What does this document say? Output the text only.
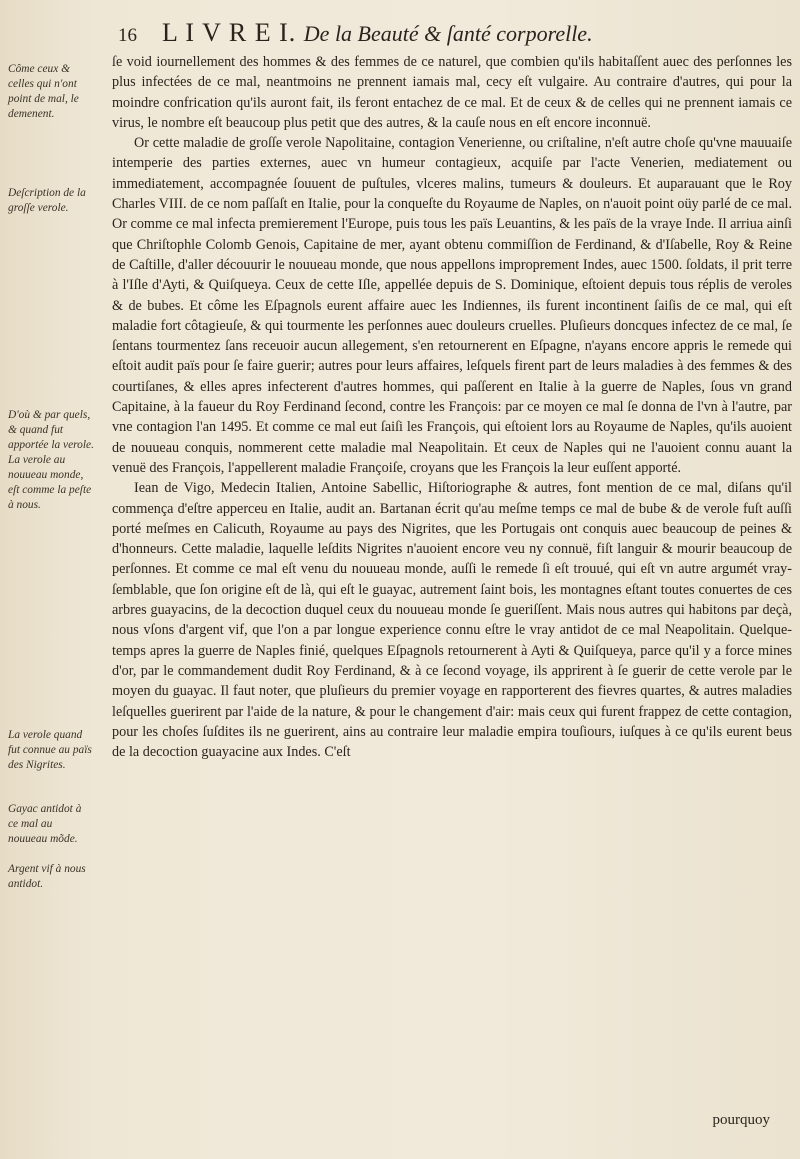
16 L I V R E I. De la Beauté & ſanté corporelle.
Côme ceux & celles qui n'ont point de mal, le demenent.
Deſcription de la groſſe verole.
D'où & par quels, & quand fut apportée la verole. La verole au nouueau monde, eſt comme la peſte à nous.
La verole quand fut connue au païs des Nigrites.
Gayac antidot à ce mal au nouueau mõde.
Argent vif à nous antidot.

ſe void iournellement des hommes & des femmes de ce naturel, que combien qu'ils habitaſſent auec des perſonnes les plus infectées de ce mal, neantmoins ne prennent iamais mal, cecy eſt vulgaire. Au contraire d'autres, qui pour la moindre confrication qu'ils auront fait, ils feront entachez de ce mal. Et de ceux & de celles qui ne prennent iamais ce virus, le nombre eſt beaucoup plus petit que des autres, & la cauſe nous en eſt encore inconnuë.

Or cette maladie de groſſe verole Napolitaine, contagion Venerienne, ou criſtaline, n'eſt autre choſe qu'vne mauuaiſe intemperie des parties externes, auec vn humeur contagieux, acquiſe par l'acte Venerien, mediatement ou immediatement, accompagnée ſouuent de puſtules, vlceres malins, tumeurs & douleurs. Et auparauant que le Roy Charles VIII. de ce nom paſſaſt en Italie, pour la conqueſte du Royaume de Naples, on n'auoit point oüy parlé de ce mal. Or comme ce mal infecta premierement l'Europe, puis tous les païs Leuantins, & les païs de la vraye Inde. Il arriua ainſi que Chriſtophle Colomb Genois, Capitaine de mer, ayant obtenu commiſſion de Ferdinand, & d'Iſabelle, Roy & Reine de Caſtille, d'aller découurir le nouueau monde, que nous appellons improprement Indes, auec 1500. ſoldats, il prit terre à l'Iſle d'Ayti, & Quiſqueya. Ceux de cette Iſle, appellée depuis de S. Dominique, eſtoient depuis tous réplis de veroles & de bubes. Et côme les Eſpagnols eurent affaire auec les Indiennes, ils furent incontinent ſaiſis de ce mal, qui eſt maladie fort côtagieuſe, & qui tourmente les perſonnes auec douleurs cruelles. Pluſieurs doncques infectez de ce mal, ſe ſentans tourmentez ſans receuoir aucun allegement, s'en retournerent en Eſpagne, n'ayans encore appris le remede qui eſtoit audit païs pour ſe faire guerir; autres pour leurs affaires, leſquels firent part de leurs maladies à des femmes & des courtiſanes, & elles apres infecterent d'autres hommes, qui paſſerent en Italie à la guerre de Naples, ſous vn grand Capitaine, à la faueur du Roy Ferdinand ſecond, contre les François: par ce moyen ce mal ſe donna de l'vn à l'autre, par vne contagion l'an 1495. Et comme ce mal eut ſaiſi les François, qui eſtoient lors au Royaume de Naples, qu'ils auoient de nouueau conquis, nommerent cette maladie mal Neapolitain. Et ceux de Naples qui ne l'auoient connu auant la venuë des François, l'appellerent maladie Françoiſe, croyans que les François la leur euſſent apporté.

Iean de Vigo, Medecin Italien, Antoine Sabellic, Hiſtoriographe & autres, font mention de ce mal, diſans qu'il commença d'eſtre apperceu en Italie, audit an. Bartanan écrit qu'au meſme temps ce mal de bube & de verole fuſt auſſi porté meſmes en Calicuth, Royaume au pays des Nigrites, que les Portugais ont conquis auec beaucoup de peines & d'honneurs. Cette maladie, laquelle leſdits Nigrites n'auoient encore veu ny connuë, fiſt languir & mourir beaucoup de perſonnes. Et comme ce mal eſt venu du nouueau monde, auſſi le remede ſi eſt trouué, qui eſt vn autre argumét vray-ſemblable, que ſon origine eſt de là, qui eſt le guayac, autrement ſaint bois, les montagnes eſtant toutes conuertes de ces arbres guayacins, de la decoction duquel ceux du nouueau monde ſe gueriſſent. Mais nous autres qui habitons par deçà, nous vſons d'argent vif, que l'on a par longue experience connu eſtre le vray antidot de ce mal Neapolitain. Quelque-temps apres la guerre de Naples finié, quelques Eſpagnols retournerent à Ayti & Quiſqueya, parce qu'il y a force mines d'or, par le commandement dudit Roy Ferdinand, & à ce ſecond voyage, ils apprirent à ſe guerir de cette verole par le moyen du guayac. Il faut noter, que pluſieurs du premier voyage en rapporterent des fievres quartes, & autres maladies leſquelles guerirent par l'aide de la nature, & pour le changement d'air: mais ceux qui furent frappez de cette contagion, pour les choſes ſuſdites ils ne guerirent, ains au contraire leur maladie empira touſiours, iuſques à ce qu'ils eurent beus de la decoction guayacine aux Indes. C'eſt

pourquoy
